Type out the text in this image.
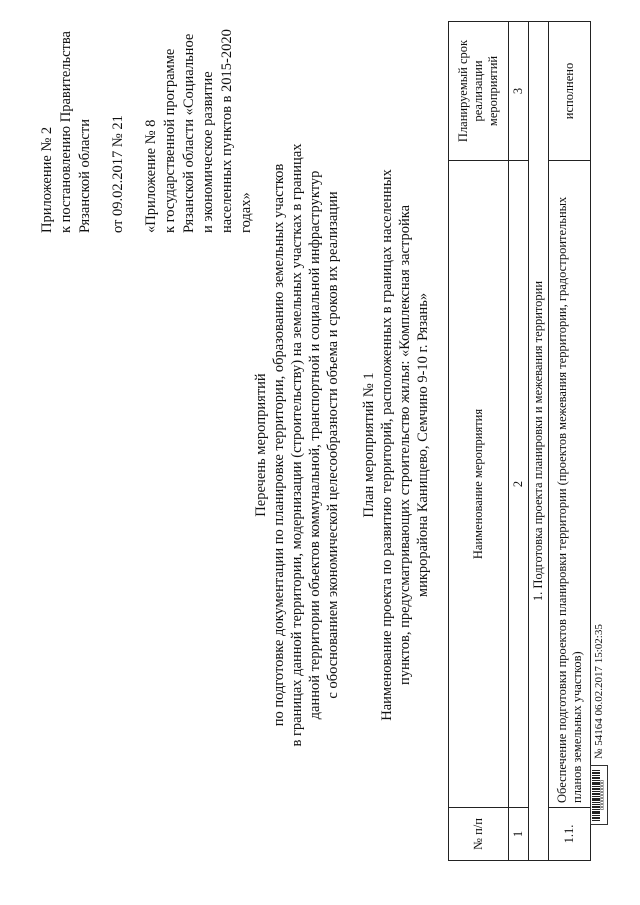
Приложение № 2 к постановлению Правительства Рязанской области от 09.02.2017 № 21 «Приложение № 8 к государственной программе Рязанской области «Социальное и экономическое развитие населенных пунктов в 2015-2020 годах»
Перечень мероприятий по подготовке документации по планировке территории, образованию земельных участков в границах данной территории, модернизации (строительству) на земельных участках в границах данной территории объектов коммунальной, транспортной и социальной инфраструктур с обоснованием экономической целесообразности объема и сроков их реализации План мероприятий № 1 Наименование проекта по развитию территорий, расположенных в границах населенных пунктов, предусматривающих строительство жилья: «Комплексная застройка микрорайона Канищево, Семчино 9-10 г. Рязань»
№ п/п	Наименование мероприятия	Планируемый срок реализации мероприятий
1	2	3
1. Подготовка проекта планировки и межевания территории		
1.1.	Обеспечение подготовки проектов планировки территории (проектов межевания территории, градостроительных планов земельных участков)	исполнено
0000000000
№ 54164 06.02.2017 15:02:35
